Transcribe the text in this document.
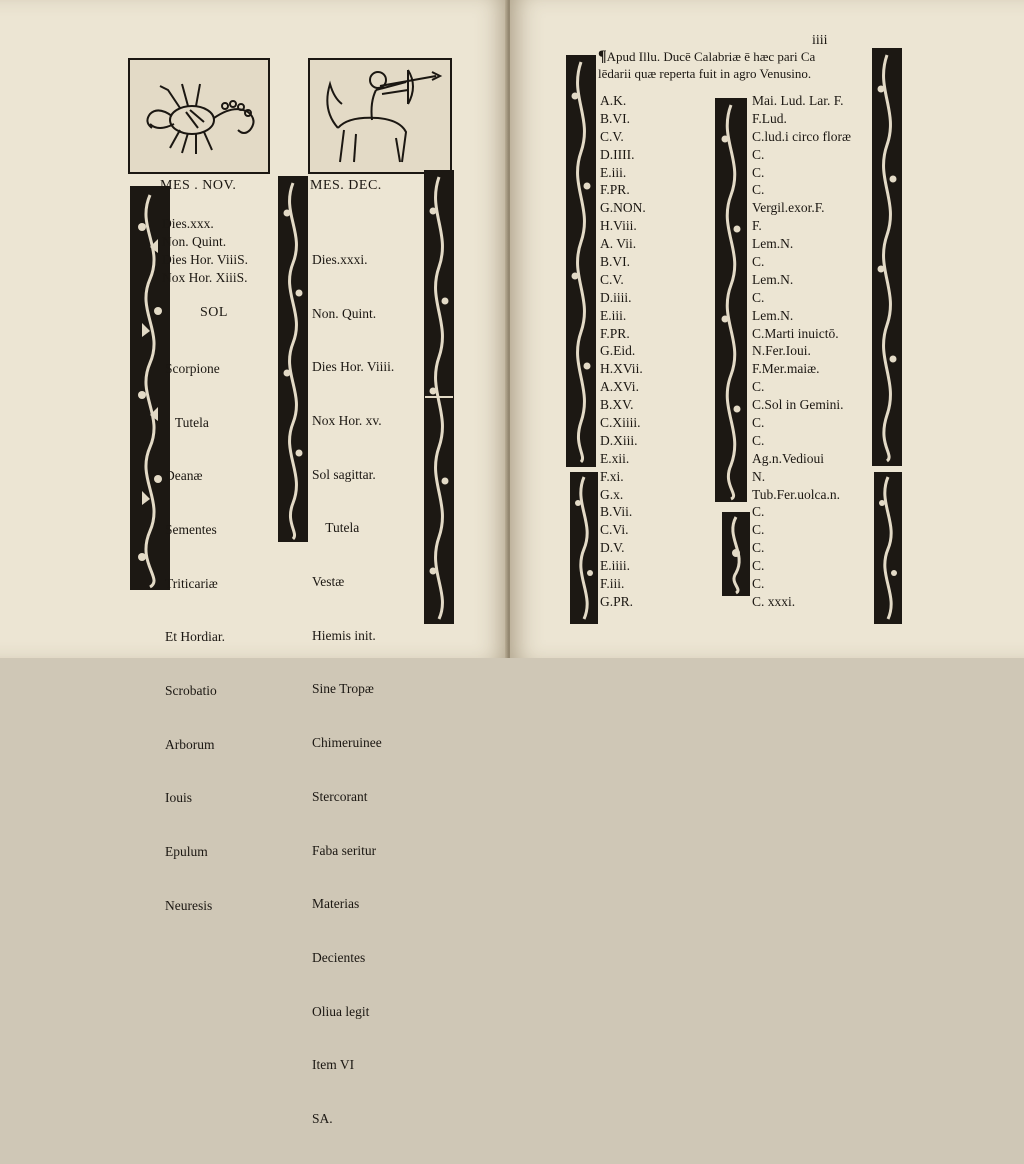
MES . NOV.
Dies.xxx.
Non. Quint.
Dies Hor. ViiiS.
Nox Hor. XiiiS.
SOL

Scorpione

Tutela

Deanæ

Sementes

Triticariæ

Et Hordiar.

Scrobatio

Arborum

Iouis

Epulum

Neuresis

MES. DEC.

Dies.xxxi.

Non. Quint.

Dies Hor. Viiii.

Nox Hor. xv.

Sol sagittar.

Tutela

Vestæ

Hiemis init.

Sine Tropæ

Chimeruinee

Stercorant

Faba seritur

Materias

Decientes

Oliua legit

Item VI

SA.

iiii
¶Apud Illu. Ducē Calabriæ ē hæc pari Ca
lēdarii quæ reperta fuit in agro Venusino.
A.K.
B.VI.
C.V.
D.IIII.
E.iii.
F.PR.
G.NON.
H.Viii.
A. Vii.
B.VI.
C.V.
D.iiii.
E.iii.
F.PR.
G.Eid.
H.XVii.
A.XVi.
B.XV.
C.Xiiii.
D.Xiii.
E.xii.
F.xi.
G.x.
B.Vii.
C.Vi.
D.V.
E.iiii.
F.iii.
G.PR.
Mai. Lud. Lar. F.
F.Lud.
C.lud.i circo floræ
C.
C.
C.
Vergil.exor.F.
F.
Lem.N.
C.
Lem.N.
C.
Lem.N.
C.Marti inuictō.
N.Fer.Ioui.
F.Mer.maiæ.
C.
C.Sol in Gemini.
C.
C.
Ag.n.Vedioui
N.
Tub.Fer.uolca.n.
C.
C.
C.
C.
C.
C. xxxi.
